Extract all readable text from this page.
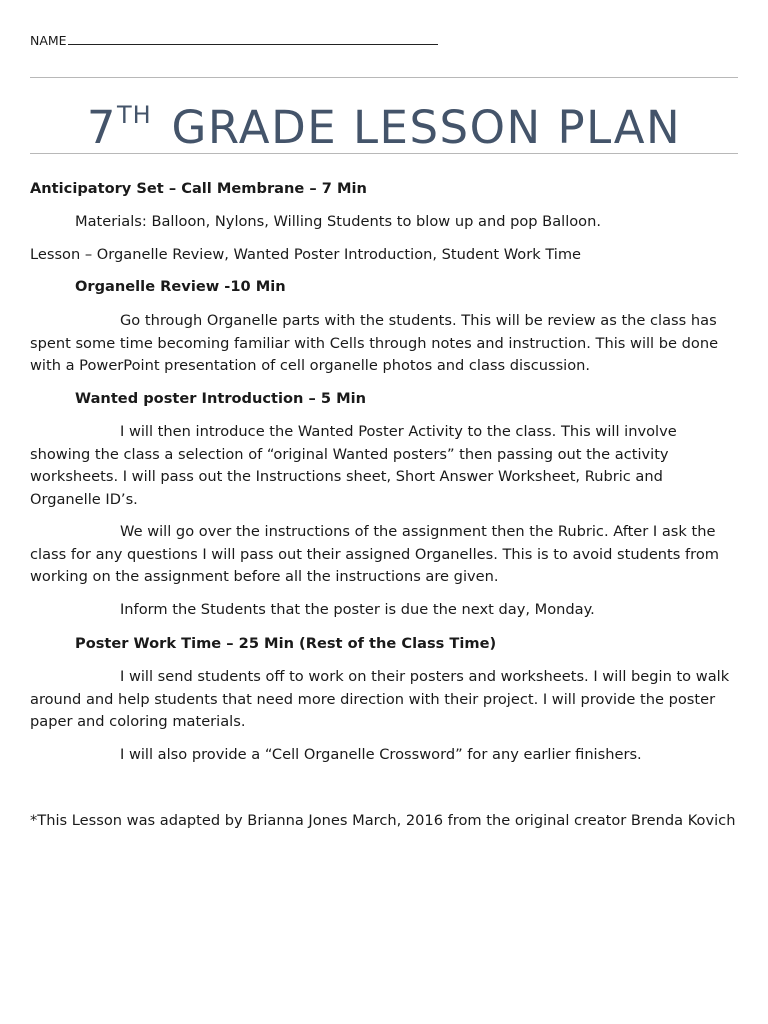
NAME
7TH GRADE LESSON PLAN
Anticipatory Set – Call Membrane – 7 Min
Materials: Balloon, Nylons, Willing Students to blow up and pop Balloon.
Lesson – Organelle Review, Wanted Poster Introduction, Student Work Time
Organelle Review -10 Min
Go through Organelle parts with the students. This will be review as the class has spent some time becoming familiar with Cells through notes and instruction. This will be done with a PowerPoint presentation of cell organelle photos and class discussion.
Wanted poster Introduction – 5 Min
I will then introduce the Wanted Poster Activity to the class. This will involve showing the class a selection of “original Wanted posters” then passing out the activity worksheets. I will pass out the Instructions sheet, Short Answer Worksheet, Rubric and Organelle ID’s.
We will go over the instructions of the assignment then the Rubric. After I ask the class for any questions I will pass out their assigned Organelles. This is to avoid students from working on the assignment before all the instructions are given.
Inform the Students that the poster is due the next day, Monday.
Poster Work Time – 25 Min (Rest of the Class Time)
I will send students off to work on their posters and worksheets. I will begin to walk around and help students that need more direction with their project. I will provide the poster paper and coloring materials.
I will also provide a “Cell Organelle Crossword” for any earlier finishers.
*This Lesson was adapted by Brianna Jones March, 2016 from the original creator Brenda Kovich
